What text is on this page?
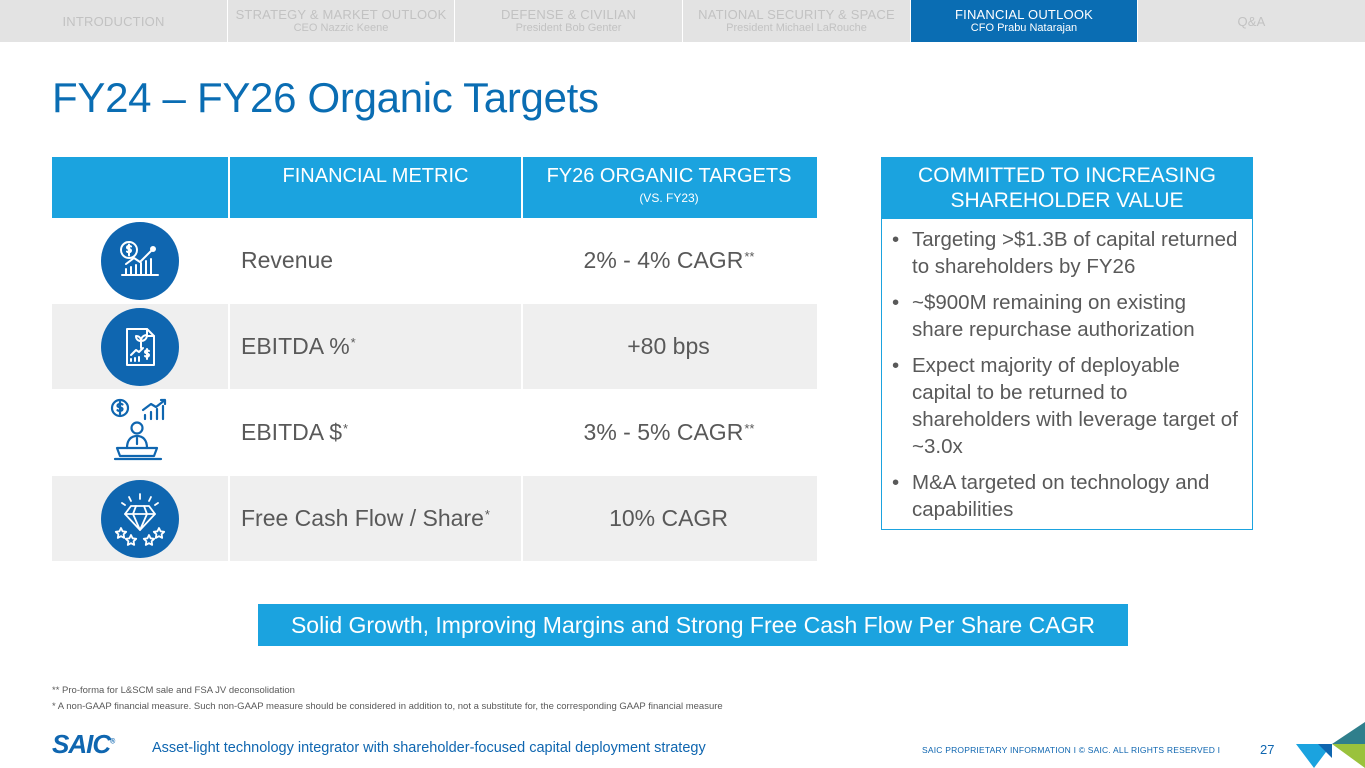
INTRODUCTION	STRATEGY & MARKET OUTLOOK
CEO Nazzic Keene
DEFENSE & CIVILIAN
President Bob Genter
NATIONAL SECURITY & SPACE
President Michael LaRouche
FINANCIAL OUTLOOK
CFO Prabu Natarajan	Q&A
FY24 – FY26 Organic Targets
FINANCIAL METRIC	FY26 ORGANIC TARGETS
(VS. FY23)
Revenue	2% - 4% CAGR**
EBITDA %*	+80 bps
EBITDA $*	3% - 5% CAGR**
Free Cash Flow / Share*	10% CAGR
COMMITTED TO INCREASING SHAREHOLDER VALUE
• Targeting >$1.3B of capital returned to shareholders by FY26
• ~$900M remaining on existing share repurchase authorization
• Expect majority of deployable capital to be returned to shareholders with leverage target of ~3.0x
• M&A targeted on technology and capabilities
Solid Growth, Improving Margins and Strong Free Cash Flow Per Share CAGR
** Pro-forma for L&SCM sale and FSA JV deconsolidation
* A non-GAAP financial measure. Such non-GAAP measure should be considered in addition to, not a substitute for, the corresponding GAAP financial measure
SAIC®	Asset-light technology integrator with shareholder-focused capital deployment strategy	SAIC PROPRIETARY INFORMATION I © SAIC. ALL RIGHTS RESERVED I	27
